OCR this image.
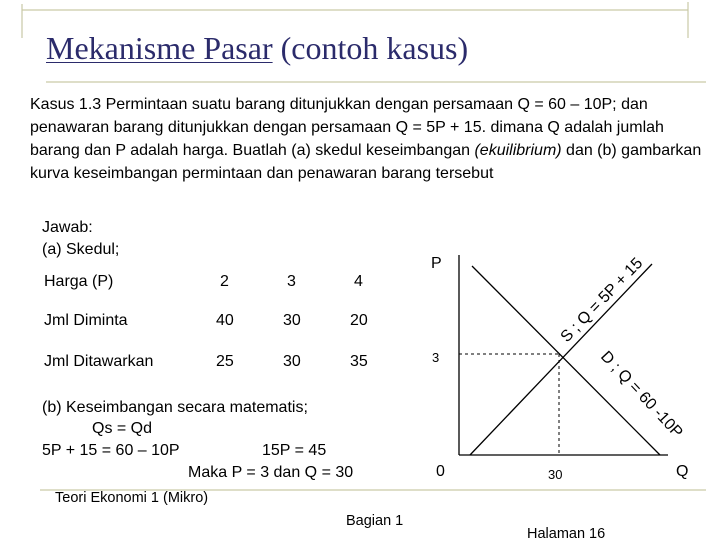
Mekanisme Pasar (contoh kasus)
Kasus 1.3 Permintaan suatu barang ditunjukkan dengan persamaan Q = 60 – 10P; dan penawaran barang ditunjukkan dengan persamaan Q = 5P + 15. dimana Q adalah jumlah barang dan P adalah harga. Buatlah (a) skedul keseimbangan (ekuilibrium) dan (b) gambarkan kurva keseimbangan permintaan dan penawaran barang tersebut
Jawab:
(a) Skedul;
Harga (P)	2	3	4
Jml Diminta	40	30	20
Jml Ditawarkan	25	30	35
(b) Keseimbangan secara matematis;
Qs = Qd
5P + 15 = 60 – 10P	15P = 45
Maka P = 3 dan Q = 30
P
Q
0
3
30
S ; Q = 5P + 15
D ; Q = 60 -10P
Teori Ekonomi 1 (Mikro)
Bagian 1
Halaman 16
